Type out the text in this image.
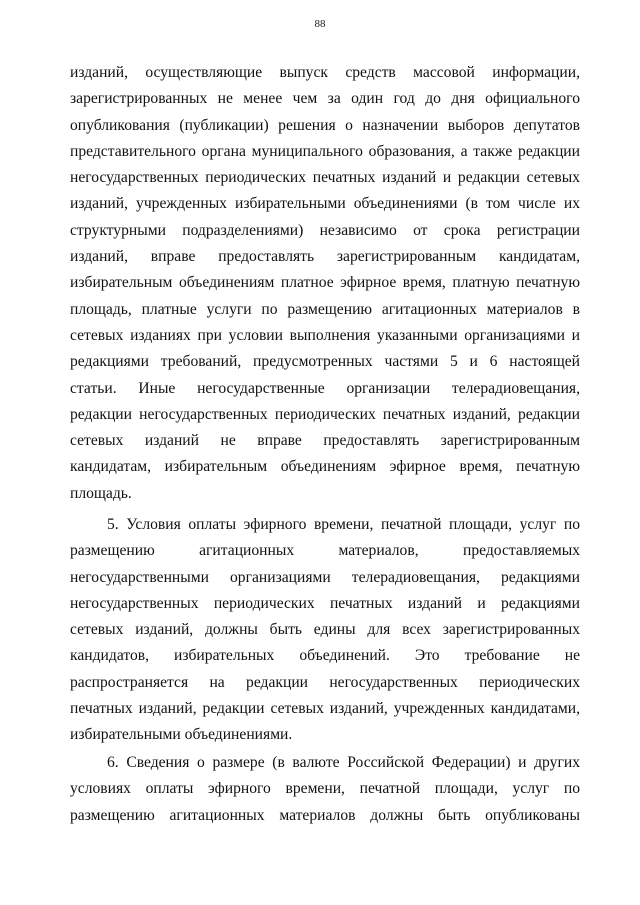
88
изданий, осуществляющие выпуск средств массовой информации,
зарегистрированных не менее чем за один год до дня официального
опубликования (публикации) решения о назначении выборов депутатов
представительного органа муниципального образования, а также редакции
негосударственных периодических печатных изданий и редакции сетевых
изданий, учрежденных избирательными объединениями (в том числе их
структурными подразделениями) независимо от срока регистрации
изданий, вправе предоставлять зарегистрированным кандидатам,
избирательным объединениям платное эфирное время, платную печатную
площадь, платные услуги по размещению агитационных материалов в
сетевых изданиях при условии выполнения указанными организациями и
редакциями требований, предусмотренных частями 5 и 6 настоящей
статьи. Иные негосударственные организации телерадиовещания,
редакции негосударственных периодических печатных изданий, редакции
сетевых изданий не вправе предоставлять зарегистрированным
кандидатам, избирательным объединениям эфирное время, печатную
площадь.
5. Условия оплаты эфирного времени, печатной площади, услуг по
размещению агитационных материалов, предоставляемых
негосударственными организациями телерадиовещания, редакциями
негосударственных периодических печатных изданий и редакциями
сетевых изданий, должны быть едины для всех зарегистрированных
кандидатов, избирательных объединений. Это требование не
распространяется на редакции негосударственных периодических
печатных изданий, редакции сетевых изданий, учрежденных кандидатами,
избирательными объединениями.
6. Сведения о размере (в валюте Российской Федерации) и других
условиях оплаты эфирного времени, печатной площади, услуг по
размещению агитационных материалов должны быть опубликованы
